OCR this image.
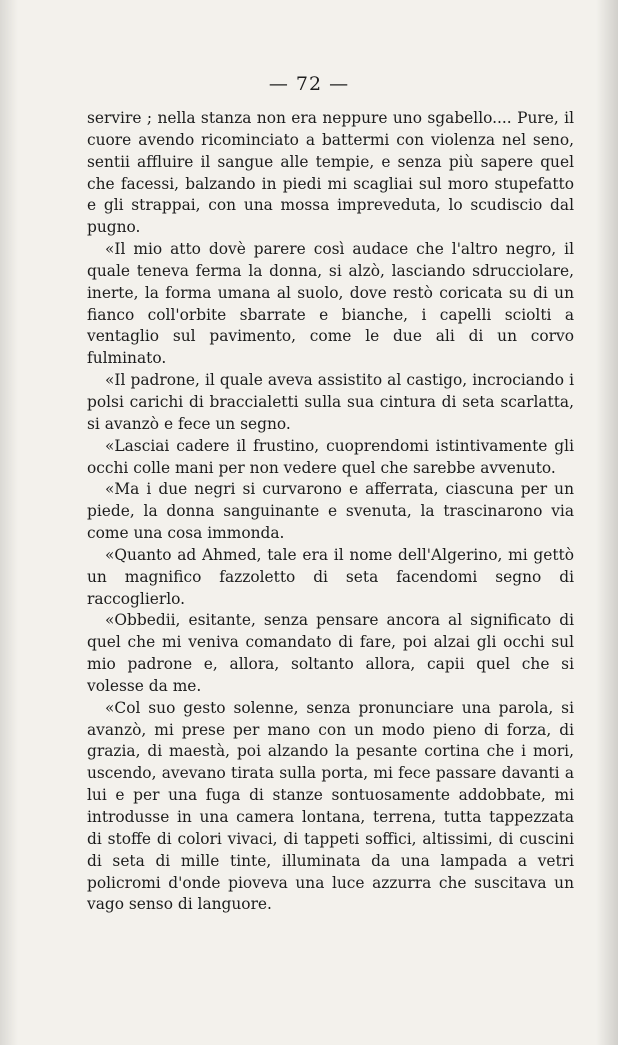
— 72 —

servire ; nella stanza non era neppure uno sgabello.... Pure, il cuore avendo ricominciato a battermi con violenza nel seno, sentii affluire il sangue alle tempie, e senza più sapere quel che facessi, balzando in piedi mi scagliai sul moro stupefatto e gli strappai, con una mossa impreveduta, lo scudiscio dal pugno.

«Il mio atto dovè parere così audace che l'altro negro, il quale teneva ferma la donna, si alzò, lasciando sdrucciolare, inerte, la forma umana al suolo, dove restò coricata su di un fianco coll'orbite sbarrate e bianche, i capelli sciolti a ventaglio sul pavimento, come le due ali di un corvo fulminato.

«Il padrone, il quale aveva assistito al castigo, incrociando i polsi carichi di braccialetti sulla sua cintura di seta scarlatta, si avanzò e fece un segno.

«Lasciai cadere il frustino, cuoprendomi istintivamente gli occhi colle mani per non vedere quel che sarebbe avvenuto.

«Ma i due negri si curvarono e afferrata, ciascuna per un piede, la donna sanguinante e svenuta, la trascinarono via come una cosa immonda.

«Quanto ad Ahmed, tale era il nome dell'Algerino, mi gettò un magnifico fazzoletto di seta facendomi segno di raccoglierlo.

«Obbedii, esitante, senza pensare ancora al significato di quel che mi veniva comandato di fare, poi alzai gli occhi sul mio padrone e, allora, soltanto allora, capii quel che si volesse da me.

«Col suo gesto solenne, senza pronunciare una parola, si avanzò, mi prese per mano con un modo pieno di forza, di grazia, di maestà, poi alzando la pesante cortina che i mori, uscendo, avevano tirata sulla porta, mi fece passare davanti a lui e per una fuga di stanze sontuosamente addobbate, mi introdusse in una camera lontana, terrena, tutta tappezzata di stoffe di colori vivaci, di tappeti soffici, altissimi, di cuscini di seta di mille tinte, illuminata da una lampada a vetri policromi d'onde pioveva una luce azzurra che suscitava un vago senso di languore.
